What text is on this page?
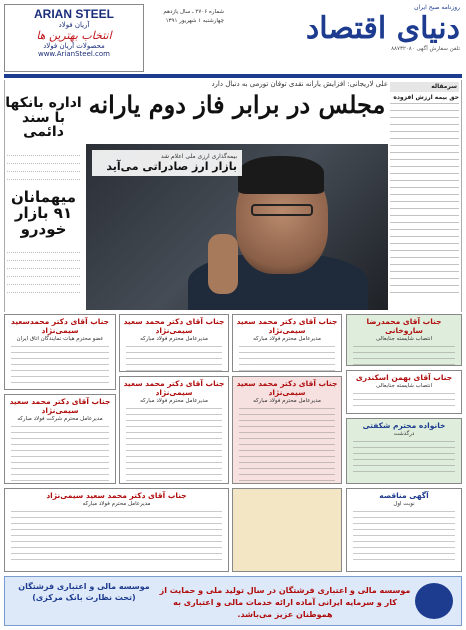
ARIAN STEEL
آریان فولاد
انتخاب بهترین ها
محصولات آریان فولاد
www.ArianSteel.com
شماره ۲۷۰۶ ـ سال یازدهم
چهارشنبه ۱ شهریور ۱۳۹۱
روزنامه صبح ایران
دنیای اقتصاد
تلفن سفارش آگهی ۸۸۷۳۲۰۸۰
اداره بانکها با سند دائمی
میهمانان ۹۱ بازار خودرو
علی لاریجانی: افزایش یارانه نقدی توفان تورمی به دنبال دارد
مجلس در برابر فاز دوم یارانه
بیمه‌گذاری ارزی ملی اعلام شد
بازار ارز صادراتی می‌آید
سرمقاله
حق بیمه ارزش افزوده
جناب آقای دکتر محمدسعید سیمی‌نژاد
عضو محترم هیات نمایندگان اتاق ایران
جناب آقای دکتر محمد سعید سیمی‌نژاد
مدیرعامل محترم فولاد مبارکه
جناب آقای دکتر محمد سعید سیمی‌نژاد
مدیرعامل محترم فولاد مبارکه
جناب آقای محمدرضا ساروخانی
انتصاب شایسته جنابعالی
جناب آقای بهمن اسکندری
انتصاب شایسته جنابعالی
جناب آقای دکتر محمد سعید سیمی‌نژاد
مدیرعامل محترم شرکت فولاد مبارکه
جناب آقای دکتر محمد سعید سیمی‌نژاد
مدیرعامل محترم فولاد مبارکه
جناب آقای دکتر محمد سعید سیمی‌نژاد
مدیرعامل محترم فولاد مبارکه
خانواده محترم شکفتی
درگذشت
جناب آقای دکتر محمد سعید سیمی‌نژاد
مدیرعامل محترم فولاد مبارکه
آگهی مناقصه
نوبت اول
موسسه مالی و اعتباری فرشتگان
(تحت نظارت بانک مرکزی)
موسسه مالی و اعتباری فرشتگان در سال تولید ملی و حمایت از کار و سرمایه ایرانی آماده ارائه خدمات مالی و اعتباری به
هموطنان عزیز می‌باشد.
